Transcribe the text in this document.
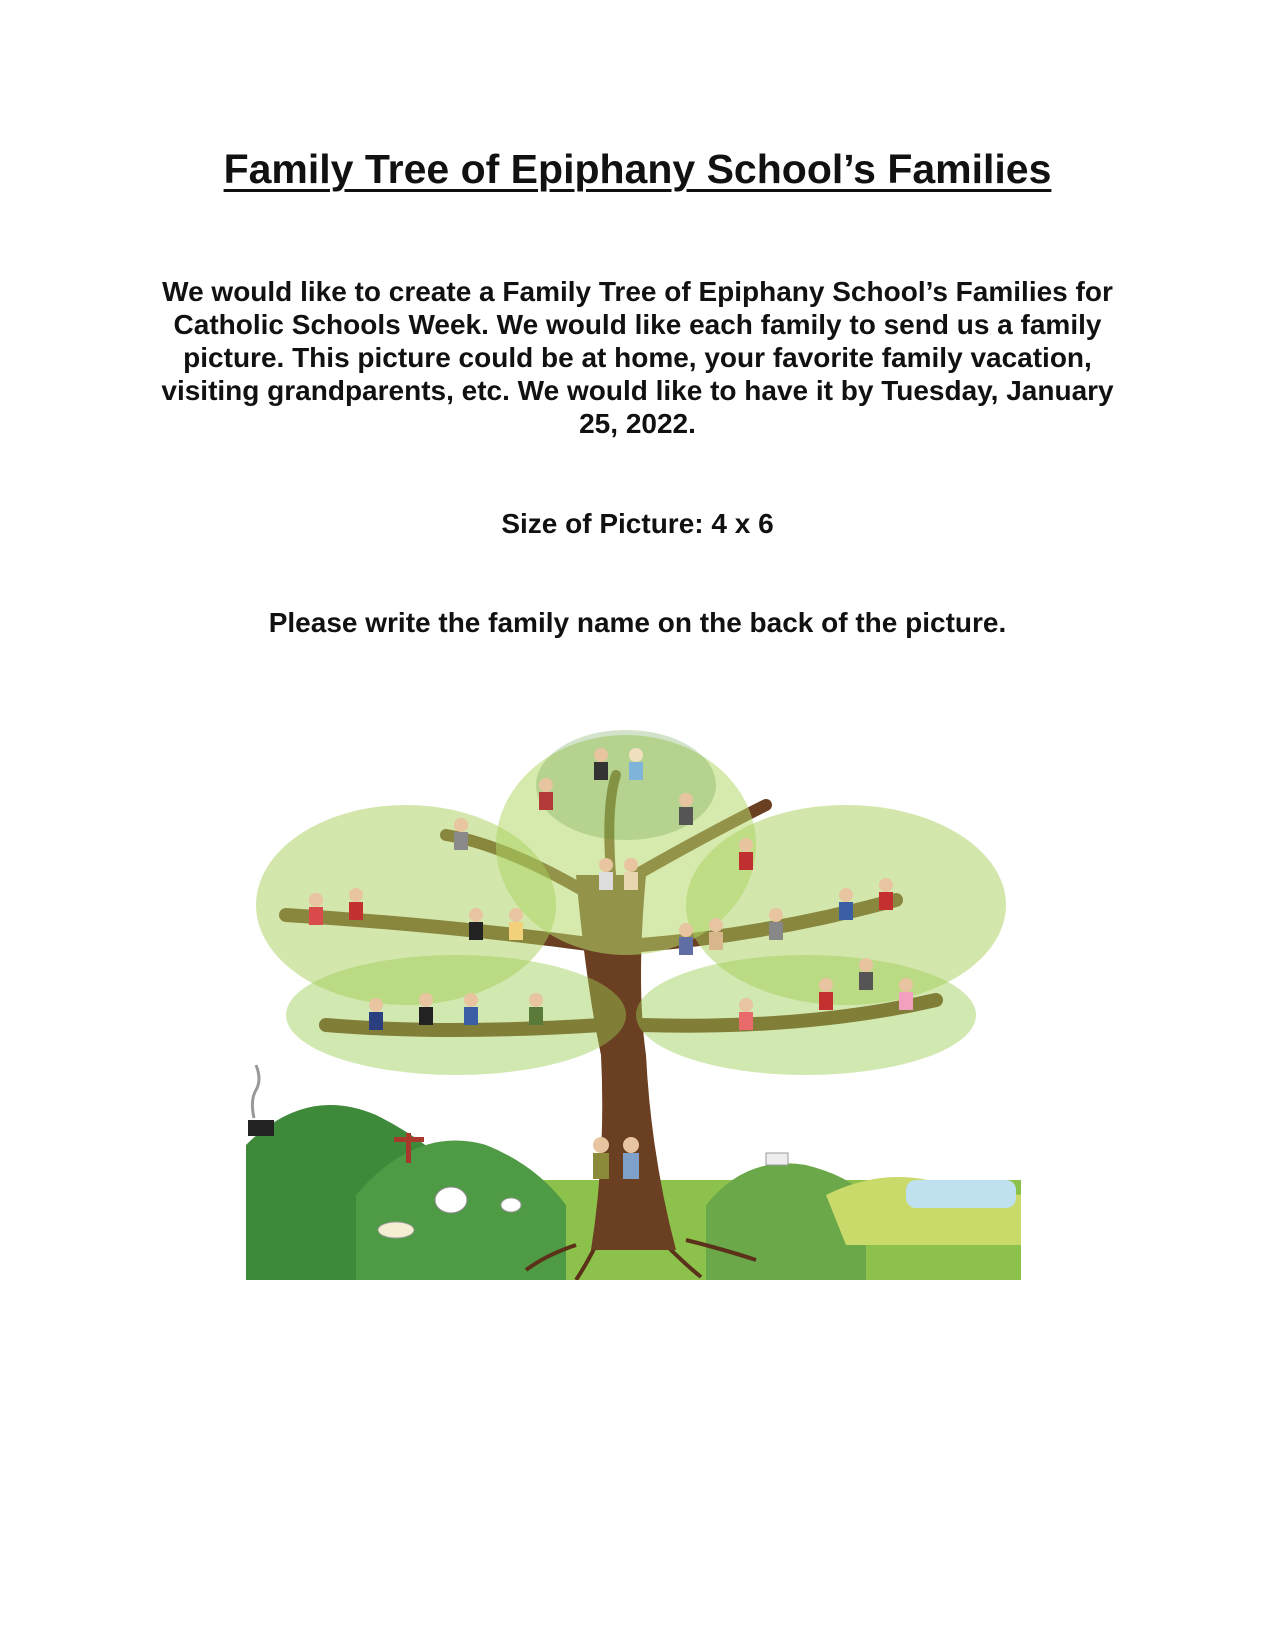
Family Tree of Epiphany School’s Families

We would like to create a Family Tree of Epiphany School’s Families for Catholic Schools Week. We would like each family to send us a family picture. This picture could be at home, your favorite family vacation, visiting grandparents, etc. We would like to have it by Tuesday, January 25, 2022.

Size of Picture: 4 x 6

Please write the family name on the back of the picture.
